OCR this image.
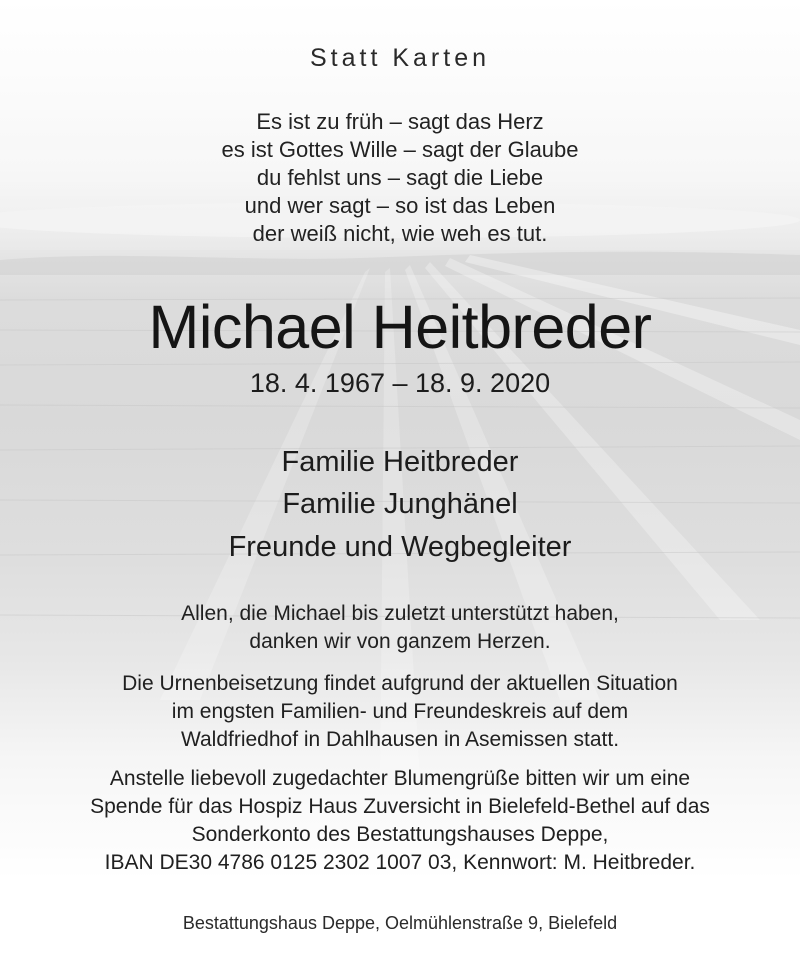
Statt Karten
Es ist zu früh – sagt das Herz
es ist Gottes Wille – sagt der Glaube
du fehlst uns – sagt die Liebe
und wer sagt – so ist das Leben
der weiß nicht, wie weh es tut.
Michael Heitbreder
18. 4. 1967 – 18. 9. 2020
Familie Heitbreder
Familie Junghänel
Freunde und Wegbegleiter
Allen, die Michael bis zuletzt unterstützt haben,
danken wir von ganzem Herzen.
Die Urnenbeisetzung findet aufgrund der aktuellen Situation
im engsten Familien- und Freundeskreis auf dem
Waldfriedhof in Dahlhausen in Asemissen statt.
Anstelle liebevoll zugedachter Blumengrüße bitten wir um eine
Spende für das Hospiz Haus Zuversicht in Bielefeld-Bethel auf das
Sonderkonto des Bestattungshauses Deppe,
IBAN DE30 4786 0125 2302 1007 03, Kennwort: M. Heitbreder.
Bestattungshaus Deppe, Oelmühlenstraße 9, Bielefeld
